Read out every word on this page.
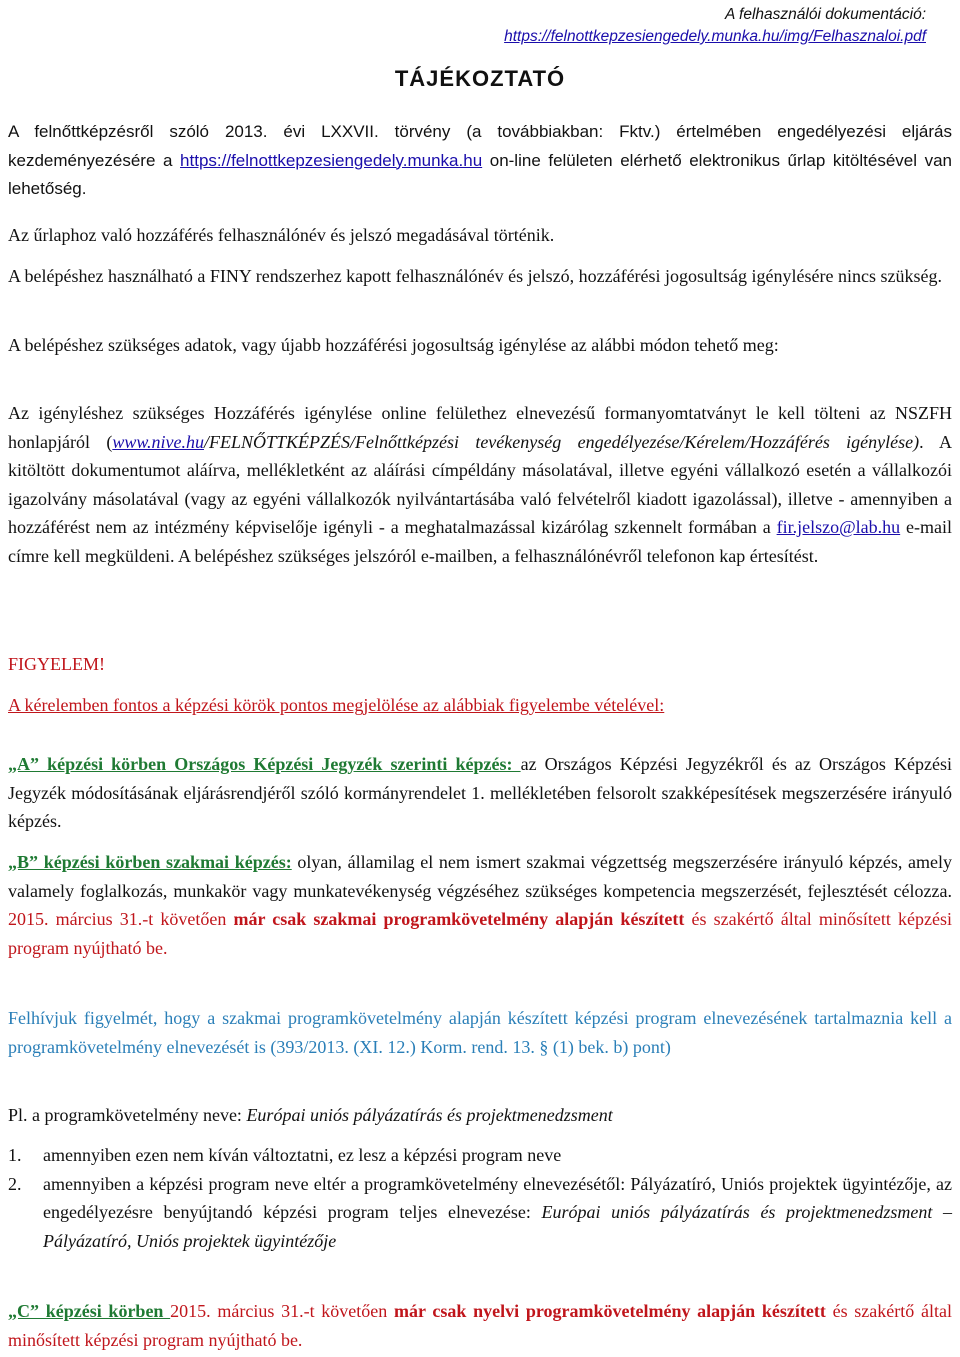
A felhasználói dokumentáció:
https://felnottkepzesiengedely.munka.hu/img/Felhasznaloi.pdf
TÁJÉKOZTATÓ
A felnőttképzésről szóló 2013. évi LXXVII. törvény (a továbbiakban: Fktv.) értelmében engedélyezési eljárás kezdeményezésére a https://felnottkepzesiengedely.munka.hu on-line felületen elérhető elektronikus űrlap kitöltésével van lehetőség.
Az űrlaphoz való hozzáférés felhasználónév és jelszó megadásával történik.
A belépéshez használható a FINY rendszerhez kapott felhasználónév és jelszó, hozzáférési jogosultság igénylésére nincs szükség.
A belépéshez szükséges adatok, vagy újabb hozzáférési jogosultság igénylése az alábbi módon tehető meg:
Az igényléshez szükséges Hozzáférés igénylése online felülethez elnevezésű formanyomtatványt le kell tölteni az NSZFH honlapjáról (www.nive.hu/FELNŐTTKÉPZÉS/Felnőttképzési tevékenység engedélyezése/Kérelem/Hozzáférés igénylése). A kitöltött dokumentumot aláírva, mellékletként az aláírási címpéldány másolatával, illetve egyéni vállalkozó esetén a vállalkozói igazolvány másolatával (vagy az egyéni vállalkozók nyilvántartásába való felvételről kiadott igazolással), illetve - amennyiben a hozzáférést nem az intézmény képviselője igényli - a meghatalmazással kizárólag szkennelt formában a fir.jelszo@lab.hu e-mail címre kell megküldeni. A belépéshez szükséges jelszóról e-mailben, a felhasználónévről telefonon kap értesítést.
FIGYELEM!
A kérelemben fontos a képzési körök pontos megjelölése az alábbiak figyelembe vételével:
„A” képzési körben Országos Képzési Jegyzék szerinti képzés: az Országos Képzési Jegyzékről és az Országos Képzési Jegyzék módosításának eljárásrendjéről szóló kormányrendelet 1. mellékletében felsorolt szakképesítések megszerzésére irányuló képzés.
„B” képzési körben szakmai képzés: olyan, államilag el nem ismert szakmai végzettség megszerzésére irányuló képzés, amely valamely foglalkozás, munkakör vagy munkatevékenység végzéséhez szükséges kompetencia megszerzését, fejlesztését célozza. 2015. március 31.-t követően már csak szakmai programkövetelmény alapján készített és szakértő által minősített képzési program nyújtható be.
Felhívjuk figyelmét, hogy a szakmai programkövetelmény alapján készített képzési program elnevezésének tartalmaznia kell a programkövetelmény elnevezését is (393/2013. (XI. 12.) Korm. rend. 13. § (1) bek. b) pont)
Pl. a programkövetelmény neve: Európai uniós pályázatírás és projektmenedzsment
1. amennyiben ezen nem kíván változtatni, ez lesz a képzési program neve
2. amennyiben a képzési program neve eltér a programkövetelmény elnevezésétől: Pályázatíró, Uniós projektek ügyintézője, az engedélyezésre benyújtandó képzési program teljes elnevezése: Európai uniós pályázatírás és projektmenedzsment – Pályázatíró, Uniós projektek ügyintézője
„C” képzési körben 2015. március 31.-t követően már csak nyelvi programkövetelmény alapján készített és szakértő által minősített képzési program nyújtható be.
